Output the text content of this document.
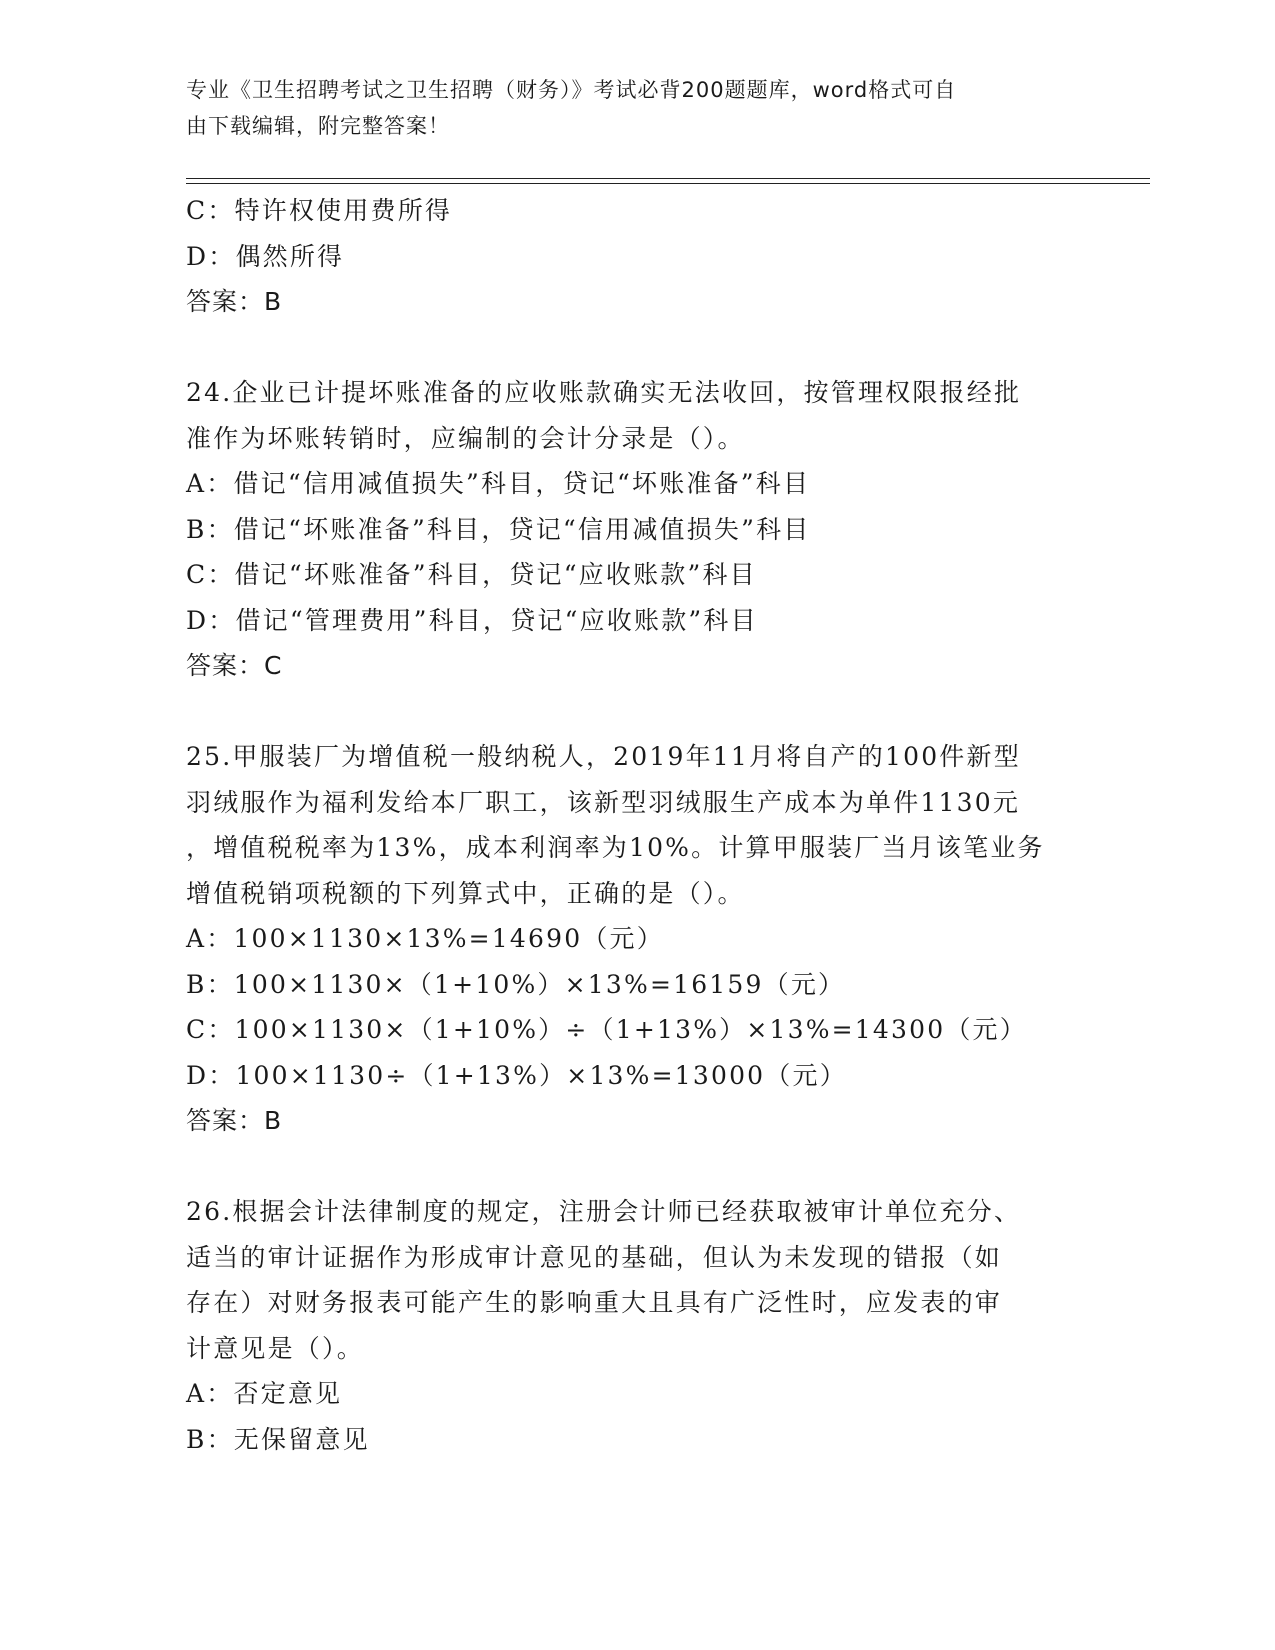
专业《卫生招聘考试之卫生招聘（财务）》考试必背200题题库，word格式可自
由下载编辑，附完整答案！
C：特许权使用费所得
D：偶然所得
答案：B
24.企业已计提坏账准备的应收账款确实无法收回，按管理权限报经批
准作为坏账转销时，应编制的会计分录是（）。
A：借记“信用减值损失”科目，贷记“坏账准备”科目
B：借记“坏账准备”科目，贷记“信用减值损失”科目
C：借记“坏账准备”科目，贷记“应收账款”科目
D：借记“管理费用”科目，贷记“应收账款”科目
答案：C
25.甲服装厂为增值税一般纳税人，2019年11月将自产的100件新型
羽绒服作为福利发给本厂职工，该新型羽绒服生产成本为单件1130元
，增值税税率为13%，成本利润率为10%。计算甲服装厂当月该笔业务
增值税销项税额的下列算式中，正确的是（）。
A：100×1130×13%=14690（元）
B：100×1130×（1+10%）×13%=16159（元）
C：100×1130×（1+10%）÷（1+13%）×13%=14300（元）
D：100×1130÷（1+13%）×13%=13000（元）
答案：B
26.根据会计法律制度的规定，注册会计师已经获取被审计单位充分、
适当的审计证据作为形成审计意见的基础，但认为未发现的错报（如
存在）对财务报表可能产生的影响重大且具有广泛性时，应发表的审
计意见是（）。
A：否定意见
B：无保留意见
